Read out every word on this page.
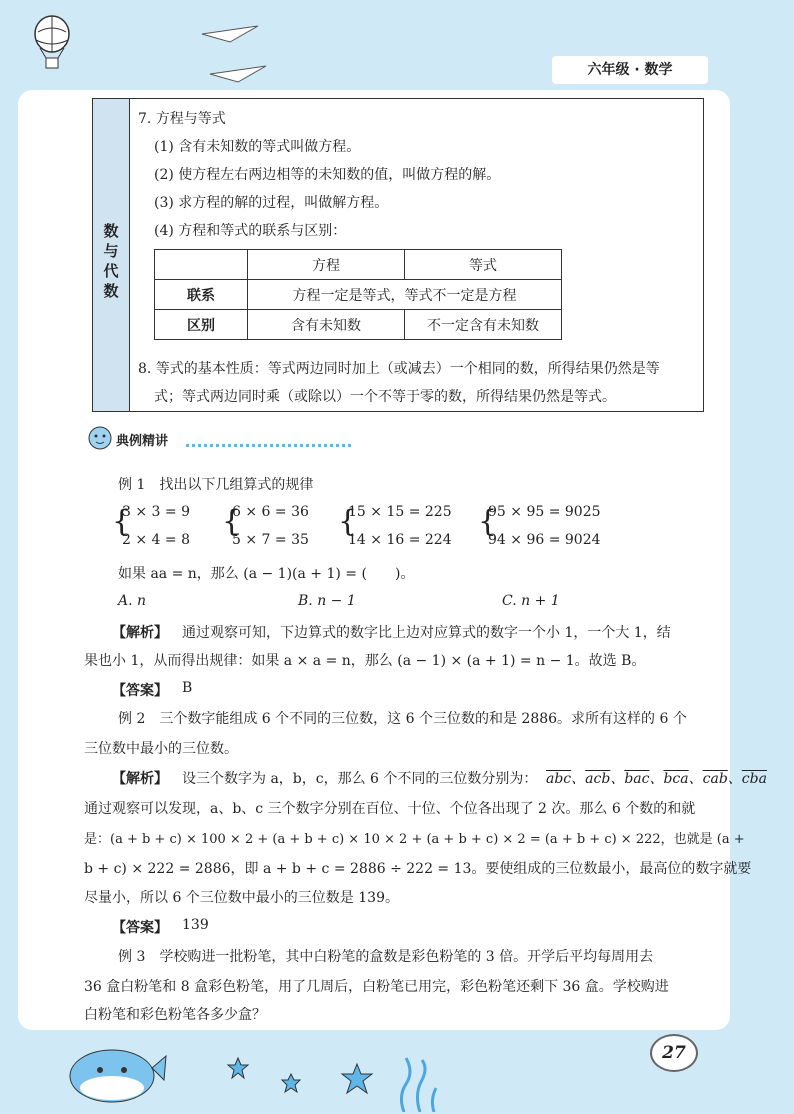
六年级 · 数学
数与代数
7. 方程与等式
(1) 含有未知数的等式叫做方程。
(2) 使方程左右两边相等的未知数的值，叫做方程的解。
(3) 求方程的解的过程，叫做解方程。
(4) 方程和等式的联系与区别：
	方程	等式
联系	方程一定是等式，等式不一定是方程	
区别	含有未知数	不一定含有未知数
8. 等式的基本性质：等式两边同时加上（或减去）一个相同的数，所得结果仍然是等
式；等式两边同时乘（或除以）一个不等于零的数，所得结果仍然是等式。
典例精讲
例 1　找出以下几组算式的规律
{
3 × 3 = 9
2 × 4 = 8
{
6 × 6 = 36
5 × 7 = 35
{
15 × 15 = 225
14 × 16 = 224
{
95 × 95 = 9025
94 × 96 = 9024
如果 aa = n，那么 (a − 1)(a + 1) = (　　)。
A. n	B. n − 1	C. n + 1
【解析】 通过观察可知，下边算式的数字比上边对应算式的数字一个小 1，一个大 1，结
果也小 1，从而得出规律：如果 a × a = n，那么 (a − 1) × (a + 1) = n − 1。故选 B。
【答案】 B
例 2　三个数字能组成 6 个不同的三位数，这 6 个三位数的和是 2886。求所有这样的 6 个
三位数中最小的三位数。
【解析】 设三个数字为 a，b，c，那么 6 个不同的三位数分别为： $\overline{abc}$、$\overline{acb}$、$\overline{bac}$、$\overline{bca}$、$\overline{cab}$、$\overline{cba}$
通过观察可以发现，a、b、c 三个数字分别在百位、十位、个位各出现了 2 次。那么 6 个数的和就
是：(a + b + c) × 100 × 2 + (a + b + c) × 10 × 2 + (a + b + c) × 2 = (a + b + c) × 222，也就是 (a +
b + c) × 222 = 2886，即 a + b + c = 2886 ÷ 222 = 13。要使组成的三位数最小，最高位的数字就要
尽量小，所以 6 个三位数中最小的三位数是 139。
【答案】 139
例 3　学校购进一批粉笔，其中白粉笔的盒数是彩色粉笔的 3 倍。开学后平均每周用去
36 盒白粉笔和 8 盒彩色粉笔，用了几周后，白粉笔已用完，彩色粉笔还剩下 36 盒。学校购进
白粉笔和彩色粉笔各多少盒？
27
